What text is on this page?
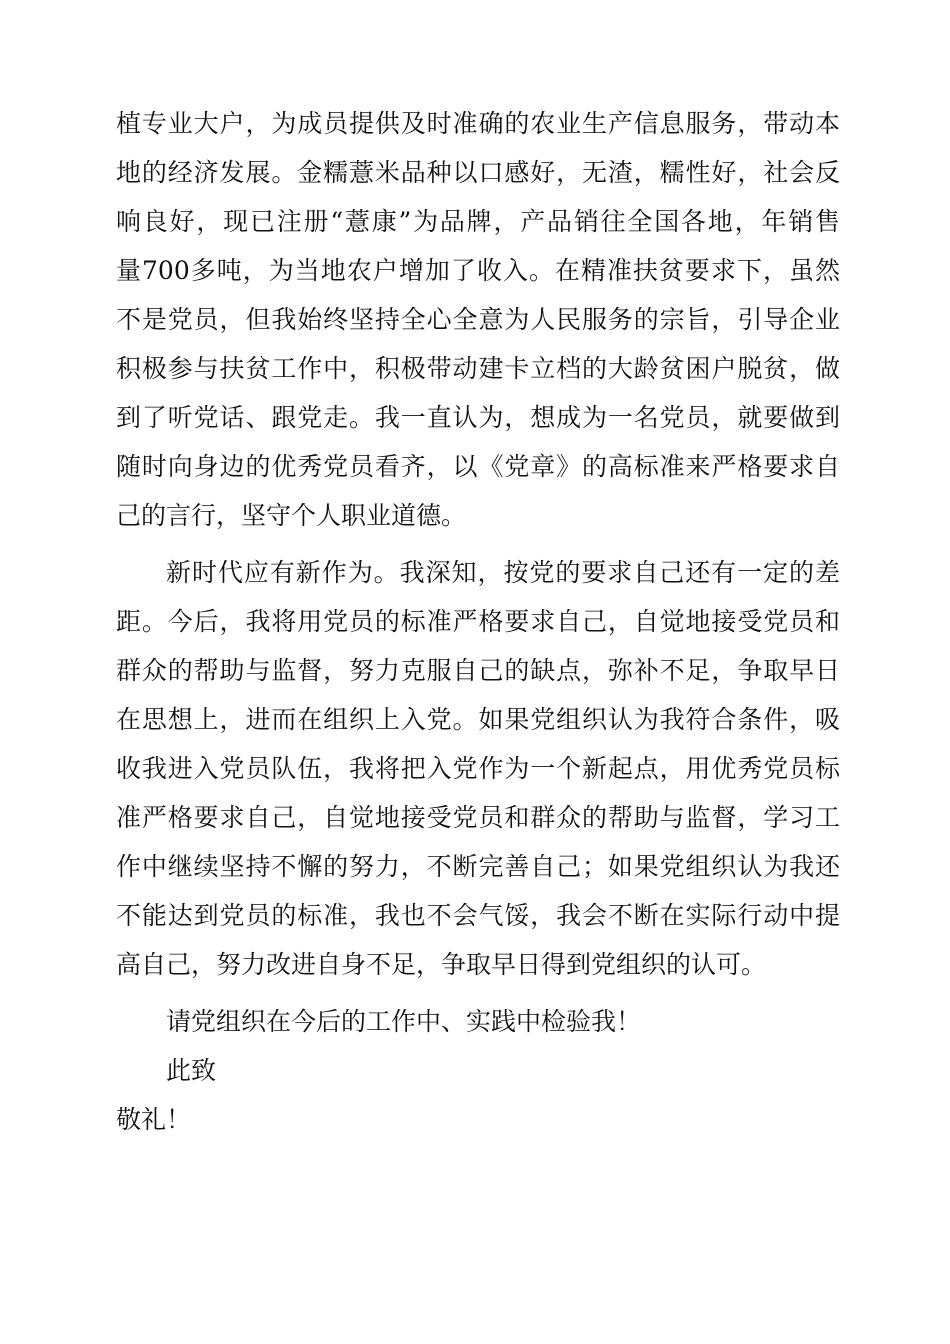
植专业大户，为成员提供及时准确的农业生产信息服务，带动本
地的经济发展。金糯薏米品种以口感好，无渣，糯性好，社会反
响良好，现已注册“薏康”为品牌，产品销往全国各地，年销售
量700多吨，为当地农户增加了收入。在精准扶贫要求下，虽然
不是党员，但我始终坚持全心全意为人民服务的宗旨，引导企业
积极参与扶贫工作中，积极带动建卡立档的大龄贫困户脱贫，做
到了听党话、跟党走。我一直认为，想成为一名党员，就要做到
随时向身边的优秀党员看齐，以《党章》的高标准来严格要求自
己的言行，坚守个人职业道德。
新时代应有新作为。我深知，按党的要求自己还有一定的差
距。今后，我将用党员的标准严格要求自己，自觉地接受党员和
群众的帮助与监督，努力克服自己的缺点，弥补不足，争取早日
在思想上，进而在组织上入党。如果党组织认为我符合条件，吸
收我进入党员队伍，我将把入党作为一个新起点，用优秀党员标
准严格要求自己，自觉地接受党员和群众的帮助与监督，学习工
作中继续坚持不懈的努力，不断完善自己；如果党组织认为我还
不能达到党员的标准，我也不会气馁，我会不断在实际行动中提
高自己，努力改进自身不足，争取早日得到党组织的认可。
请党组织在今后的工作中、实践中检验我！
此致
敬礼！
